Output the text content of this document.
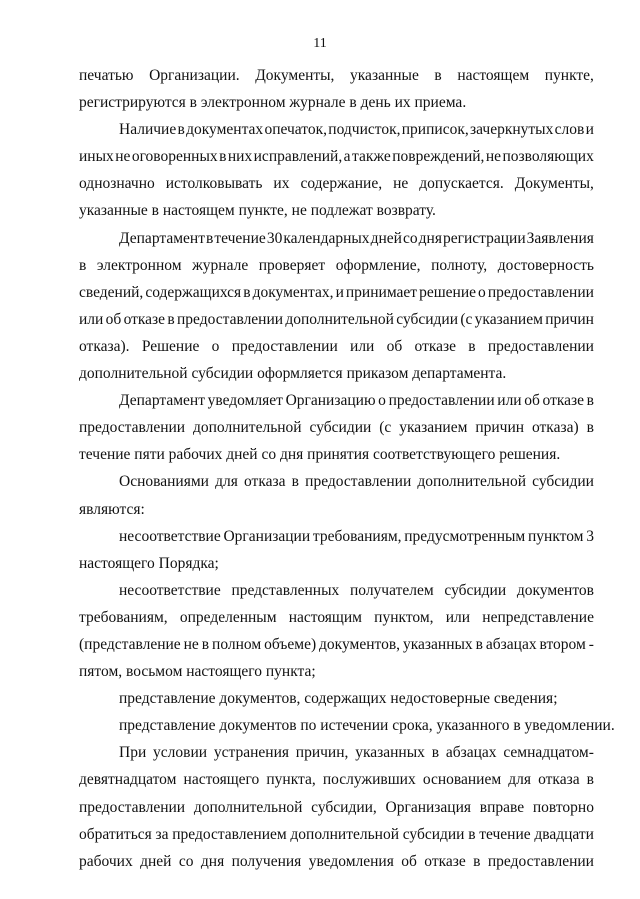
11
печатью Организации. Документы, указанные в настоящем пункте,
регистрируются в электронном журнале в день их приема.
Наличие в документах опечаток, подчисток, приписок, зачеркнутых слов и
иных не оговоренных в них исправлений, а также повреждений, не позволяющих
однозначно истолковывать их содержание, не допускается. Документы,
указанные в настоящем пункте, не подлежат возврату.
Департамент в течение 30 календарных дней со дня регистрации Заявления
в электронном журнале проверяет оформление, полноту, достоверность
сведений, содержащихся в документах, и принимает решение о предоставлении
или об отказе в предоставлении дополнительной субсидии (с указанием причин
отказа). Решение о предоставлении или об отказе в предоставлении
дополнительной субсидии оформляется приказом департамента.
Департамент уведомляет Организацию о предоставлении или об отказе в
предоставлении дополнительной субсидии (с указанием причин отказа) в
течение пяти рабочих дней со дня принятия соответствующего решения.
Основаниями для отказа в предоставлении дополнительной субсидии
являются:
несоответствие Организации требованиям, предусмотренным пунктом 3
настоящего Порядка;
несоответствие представленных получателем субсидии документов
требованиям, определенным настоящим пунктом, или непредставление
(представление не в полном объеме) документов, указанных в абзацах втором -
пятом, восьмом настоящего пункта;
представление документов, содержащих недостоверные сведения;
представление документов по истечении срока, указанного в уведомлении.
При условии устранения причин, указанных в абзацах семнадцатом-
девятнадцатом настоящего пункта, послуживших основанием для отказа в
предоставлении дополнительной субсидии, Организация вправе повторно
обратиться за предоставлением дополнительной субсидии в течение двадцати
рабочих дней со дня получения уведомления об отказе в предоставлении
